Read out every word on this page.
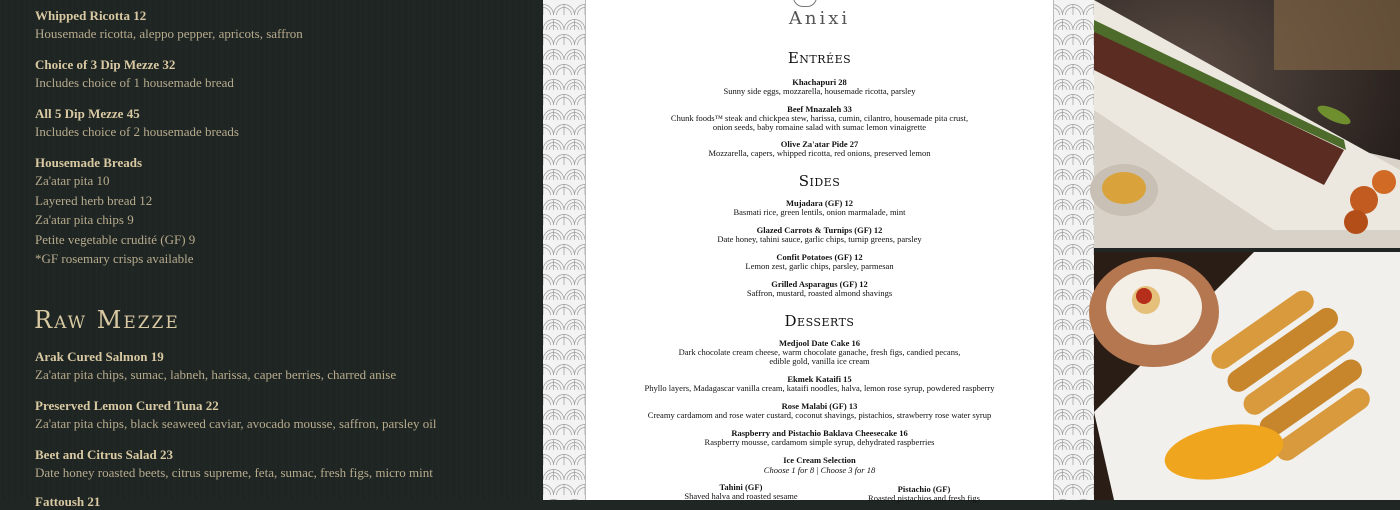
Whipped Ricotta 12
Housemade ricotta, aleppo pepper, apricots, saffron
Choice of 3 Dip Mezze 32
Includes choice of 1 housemade bread
All 5 Dip Mezze 45
Includes choice of 2 housemade breads
Housemade Breads
Za'atar pita 10
Layered herb bread 12
Za'atar pita chips 9
Petite vegetable crudité (GF) 9
*GF rosemary crisps available
Raw Mezze
Arak Cured Salmon 19
Za'atar pita chips, sumac, labneh, harissa, caper berries, charred anise
Preserved Lemon Cured Tuna 22
Za'atar pita chips, black seaweed caviar, avocado mousse, saffron, parsley oil
Beet and Citrus Salad 23
Date honey roasted beets, citrus supreme, feta, sumac, fresh figs, micro mint
Fattoush 21
Anixi
Entrées
Khachapuri 28
Sunny side eggs, mozzarella, housemade ricotta, parsley
Beef Mnazaleh 33
Chunk foods™ steak and chickpea stew, harissa, cumin, cilantro, housemade pita crust,
onion seeds, baby romaine salad with sumac lemon vinaigrette
Olive Za'atar Pide 27
Mozzarella, capers, whipped ricotta, red onions, preserved lemon
Sides
Mujadara (GF) 12
Basmati rice, green lentils, onion marmalade, mint
Glazed Carrots & Turnips (GF) 12
Date honey, tahini sauce, garlic chips, turnip greens, parsley
Confit Potatoes (GF) 12
Lemon zest, garlic chips, parsley, parmesan
Grilled Asparagus (GF) 12
Saffron, mustard, roasted almond shavings
Desserts
Medjool Date Cake 16
Dark chocolate cream cheese, warm chocolate ganache, fresh figs, candied pecans,
edible gold, vanilla ice cream
Ekmek Kataifi 15
Phyllo layers, Madagascar vanilla cream, kataifi noodles, halva, lemon rose syrup, powdered raspberry
Rose Malabi (GF) 13
Creamy cardamom and rose water custard, coconut shavings, pistachios, strawberry rose water syrup
Raspberry and Pistachio Baklava Cheesecake 16
Raspberry mousse, cardamom simple syrup, dehydrated raspberries
Ice Cream Selection
Choose 1 for 8 | Choose 3 for 18
Tahini (GF)
Shaved halva and roasted sesame
Pistachio (GF)
Roasted pistachios and fresh figs
